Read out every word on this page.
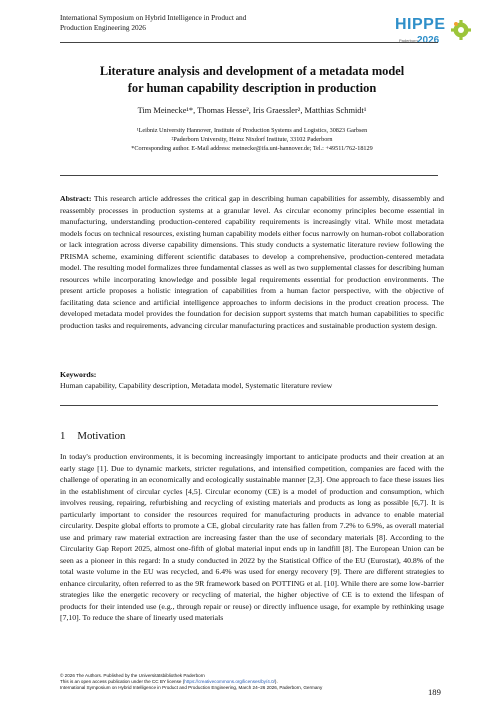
International Symposium on Hybrid Intelligence in Product and
Production Engineering 2026	HIPPE
Paderborn 2026
Literature analysis and development of a metadata model
for human capability description in production
Tim Meinecke¹*, Thomas Hesse², Iris Graessler², Matthias Schmidt¹
¹Leibniz University Hannover, Institute of Production Systems and Logistics, 30823 Garbsen
²Paderborn University, Heinz Nixdorf Institute, 33102 Paderborn
*Corresponding author. E-Mail address: meinecke@ifa.uni-hannover.de; Tel.: +49511/762-18129
Abstract: This research article addresses the critical gap in describing human capabilities for assembly, disassembly and reassembly processes in production systems at a granular level. As circular economy principles become essential in manufacturing, understanding production-centered capability requirements is increasingly vital. While most metadata models focus on technical resources, existing human capability models either focus narrowly on human-robot collaboration or lack integration across diverse capability dimensions. This study conducts a systematic literature review following the PRISMA scheme, examining different scientific databases to develop a comprehensive, production-centered metadata model. The resulting model formalizes three fundamental classes as well as two supplemental classes for describing human resources while incorporating knowledge and possible legal requirements essential for production environments. The present article proposes a holistic integration of capabilities from a human factor perspective, with the objective of facilitating data science and artificial intelligence approaches to inform decisions in the product creation process. The developed metadata model provides the foundation for decision support systems that match human capabilities to specific production tasks and requirements, advancing circular manufacturing practices and sustainable production system design.
Keywords:
Human capability, Capability description, Metadata model, Systematic literature review
1 Motivation
In today's production environments, it is becoming increasingly important to anticipate products and their creation at an early stage [1]. Due to dynamic markets, stricter regulations, and intensified competition, companies are faced with the challenge of operating in an economically and ecologically sustainable manner [2,3]. One approach to face these issues lies in the establishment of circular cycles [4,5]. Circular economy (CE) is a model of production and consumption, which involves reusing, repairing, refurbishing and recycling of existing materials and products as long as possible [6,7]. It is particularly important to consider the resources required for manufacturing products in advance to enable material circularity. Despite global efforts to promote a CE, global circularity rate has fallen from 7.2% to 6.9%, as overall material use and primary raw material extraction are increasing faster than the use of secondary materials [8]. According to the Circularity Gap Report 2025, almost one-fifth of global material input ends up in landfill [8]. The European Union can be seen as a pioneer in this regard: In a study conducted in 2022 by the Statistical Office of the EU (Eurostat), 40.8% of the total waste volume in the EU was recycled, and 6.4% was used for energy recovery [9]. There are different strategies to enhance circularity, often referred to as the 9R framework based on POTTING et al. [10]. While there are some low-barrier strategies like the energetic recovery or recycling of material, the higher objective of CE is to extend the lifespan of products for their intended use (e.g., through repair or reuse) or directly influence usage, for example by rethinking usage [7,10]. To reduce the share of linearly used materials
© 2026 The Authors. Published by the Universitätsbibliothek Paderborn
This is an open access publication under the CC BY license (https://creativecommons.org/licenses/by/4.0/).
International Symposium on Hybrid Intelligence in Product and Production Engineering, March 24–26 2026, Paderborn, Germany	189
